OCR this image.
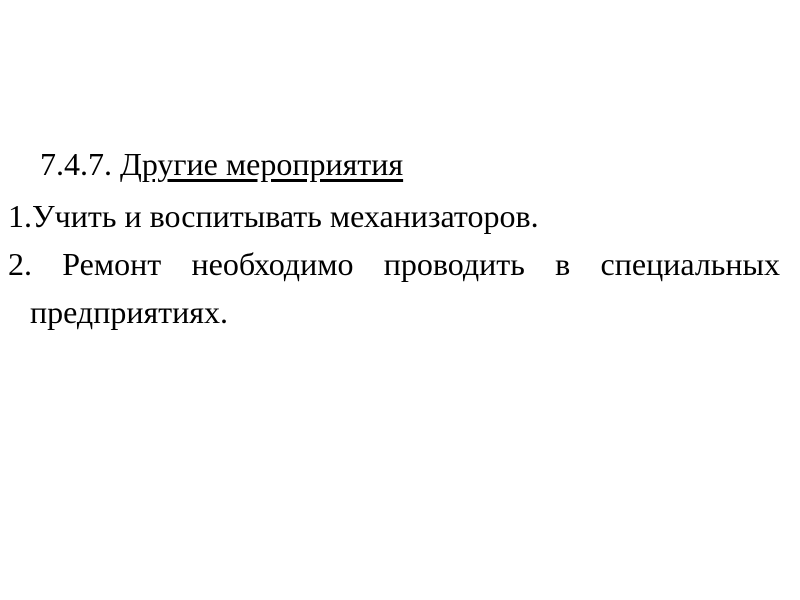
7.4.7. Другие мероприятия

1.Учить и воспитывать механизаторов.

2. Ремонт необходимо проводить в специальных предприятиях.
